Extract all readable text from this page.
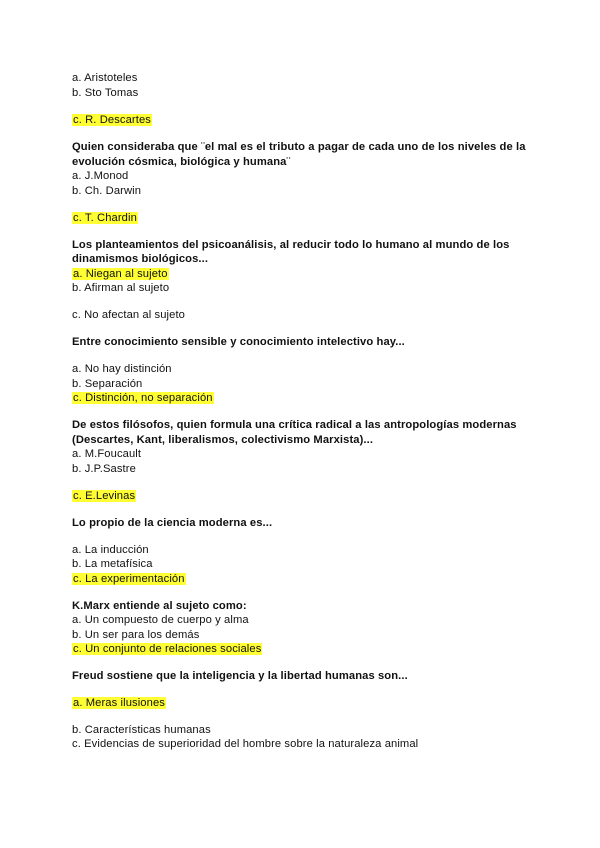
a. Aristoteles
b. Sto Tomas
c. R. Descartes
Quien consideraba que ¨el mal es el tributo a pagar de cada uno de los niveles de la
evolución cósmica, biológica y humana¨
a. J.Monod
b. Ch. Darwin
c. T. Chardin
Los planteamientos del psicoanálisis, al reducir todo lo humano al mundo de los
dinamismos biológicos...
a. Niegan al sujeto
b. Afirman al sujeto
c. No afectan al sujeto
Entre conocimiento sensible y conocimiento intelectivo hay...
a. No hay distinción
b. Separación
c. Distinción, no separación
De estos filósofos, quien formula una crítica radical a las antropologías modernas
(Descartes, Kant, liberalismos, colectivismo Marxista)...
a. M.Foucault
b. J.P.Sastre
c. E.Levinas
Lo propio de la ciencia moderna es...
a. La inducción
b. La metafísica
c. La experimentación
K.Marx entiende al sujeto como:
a. Un compuesto de cuerpo y alma
b. Un ser para los demás
c. Un conjunto de relaciones sociales
Freud sostiene que la inteligencia y la libertad humanas son...
a. Meras ilusiones
b. Características humanas
c. Evidencias de superioridad del hombre sobre la naturaleza animal
